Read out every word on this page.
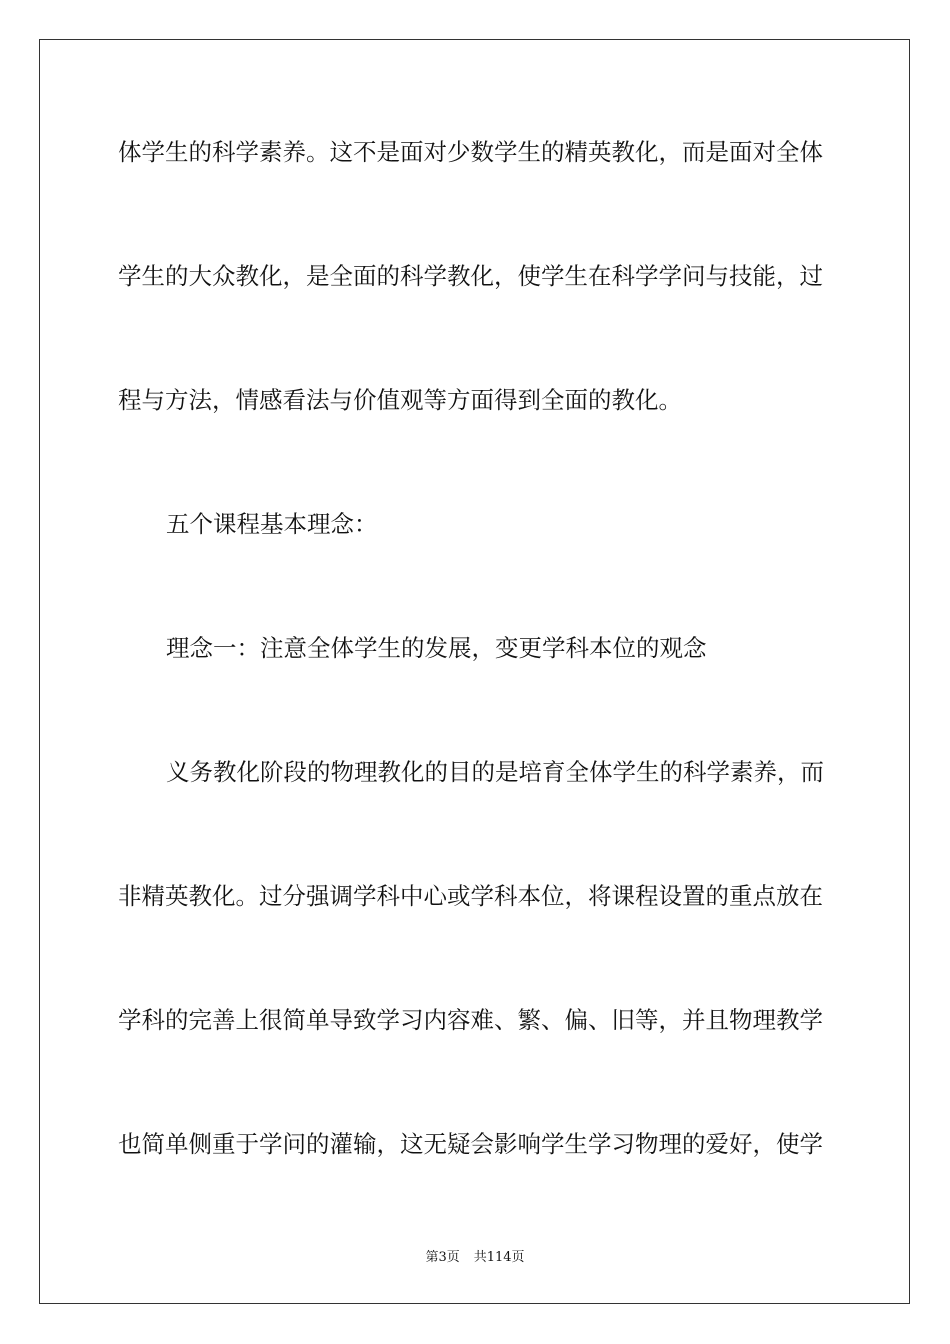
体学生的科学素养。这不是面对少数学生的精英教化，而是面对全体
学生的大众教化，是全面的科学教化，使学生在科学学问与技能，过
程与方法，情感看法与价值观等方面得到全面的教化。
五个课程基本理念：
理念一：注意全体学生的发展，变更学科本位的观念
义务教化阶段的物理教化的目的是培育全体学生的科学素养，而
非精英教化。过分强调学科中心或学科本位，将课程设置的重点放在
学科的完善上很简单导致学习内容难、繁、偏、旧等，并且物理教学
也简单侧重于学问的灌输，这无疑会影响学生学习物理的爱好，使学
第3页 共114页
